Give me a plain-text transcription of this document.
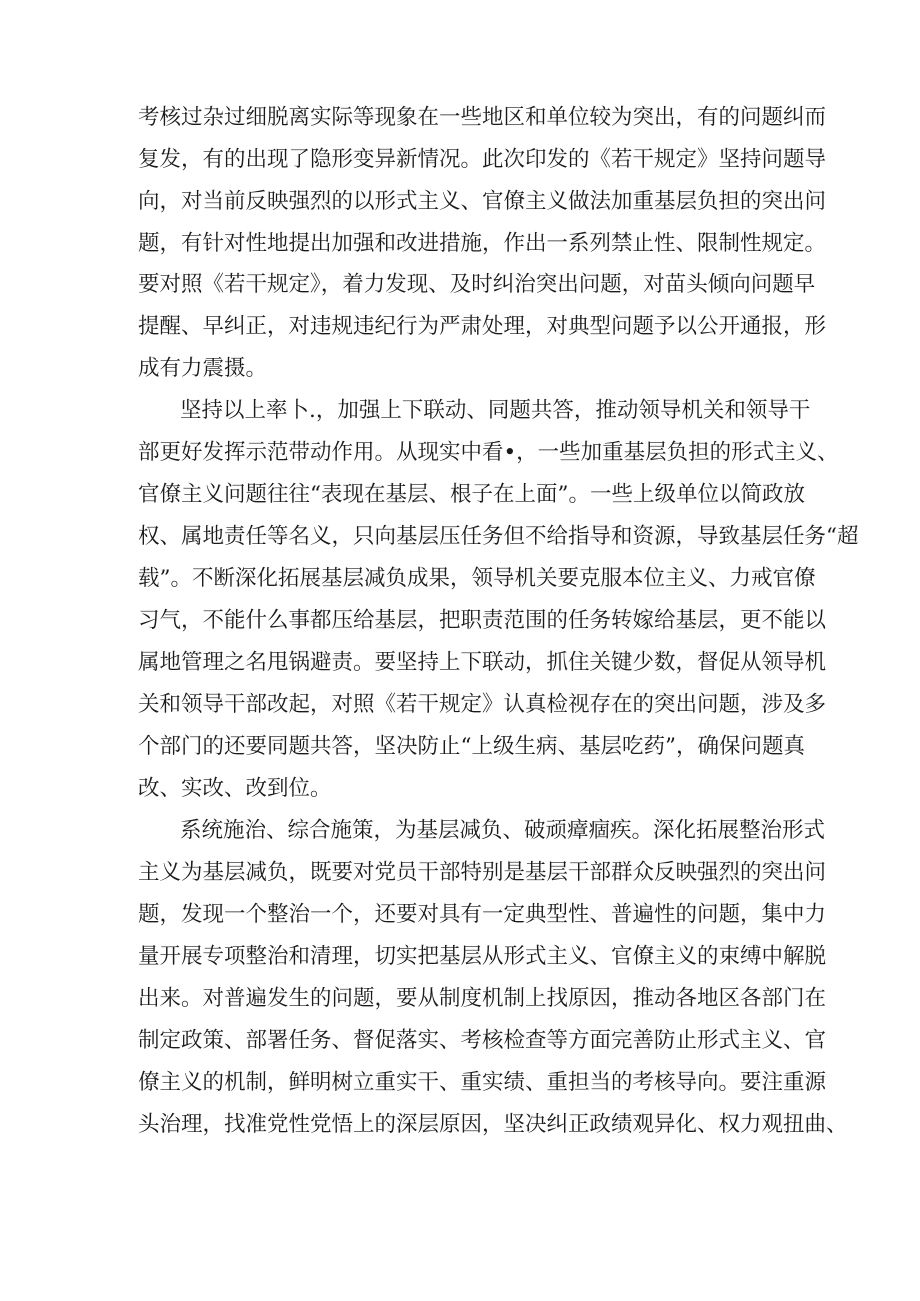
考核过杂过细脱离实际等现象在一些地区和单位较为突出，有的问题纠而
复发，有的出现了隐形变异新情况。此次印发的《若干规定》坚持问题导
向，对当前反映强烈的以形式主义、官僚主义做法加重基层负担的突出问
题，有针对性地提出加强和改进措施，作出一系列禁止性、限制性规定。
要对照《若干规定》，着力发现、及时纠治突出问题，对苗头倾向问题早
提醒、早纠正，对违规违纪行为严肃处理，对典型问题予以公开通报，形
成有力震摄。
坚持以上率卜.，加强上下联动、同题共答，推动领导机关和领导干
部更好发挥示范带动作用。从现实中看•，一些加重基层负担的形式主义、
官僚主义问题往往“表现在基层、根子在上面”。一些上级单位以简政放
权、属地责任等名义，只向基层压任务但不给指导和资源，导致基层任务“超
载”。不断深化拓展基层减负成果，领导机关要克服本位主义、力戒官僚
习气，不能什么事都压给基层，把职责范围的任务转嫁给基层，更不能以
属地管理之名甩锅避责。要坚持上下联动，抓住关键少数，督促从领导机
关和领导干部改起，对照《若干规定》认真检视存在的突出问题，涉及多
个部门的还要同题共答，坚决防止“上级生病、基层吃药”，确保问题真
改、实改、改到位。
系统施治、综合施策，为基层减负、破顽瘴痼疾。深化拓展整治形式
主义为基层减负，既要对党员干部特别是基层干部群众反映强烈的突出问
题，发现一个整治一个，还要对具有一定典型性、普遍性的问题，集中力
量开展专项整治和清理，切实把基层从形式主义、官僚主义的束缚中解脱
出来。对普遍发生的问题，要从制度机制上找原因，推动各地区各部门在
制定政策、部署任务、督促落实、考核检查等方面完善防止形式主义、官
僚主义的机制，鲜明树立重实干、重实绩、重担当的考核导向。要注重源
头治理，找准党性党悟上的深层原因，坚决纠正政绩观异化、权力观扭曲、
